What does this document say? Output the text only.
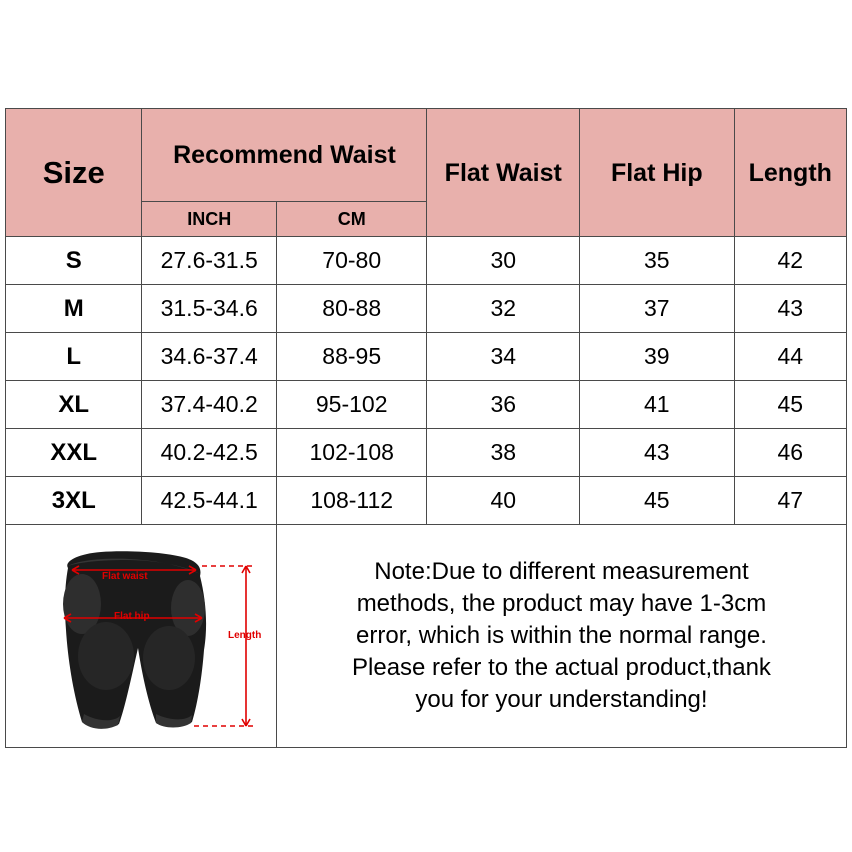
Size	Recommend Waist		Flat Waist	Flat Hip	Length
	INCH	CM			
S	27.6-31.5	70-80	30	35	42
M	31.5-34.6	80-88	32	37	43
L	34.6-37.4	88-95	34	39	44
XL	37.4-40.2	95-102	36	41	45
XXL	40.2-42.5	102-108	38	43	46
3XL	42.5-44.1	108-112	40	45	47

Flat waist
Flat hip
Length

Note:Due to different measurement
methods, the product may have 1-3cm
error, which is within the normal range.
Please refer to the actual product,thank
you for your understanding!
